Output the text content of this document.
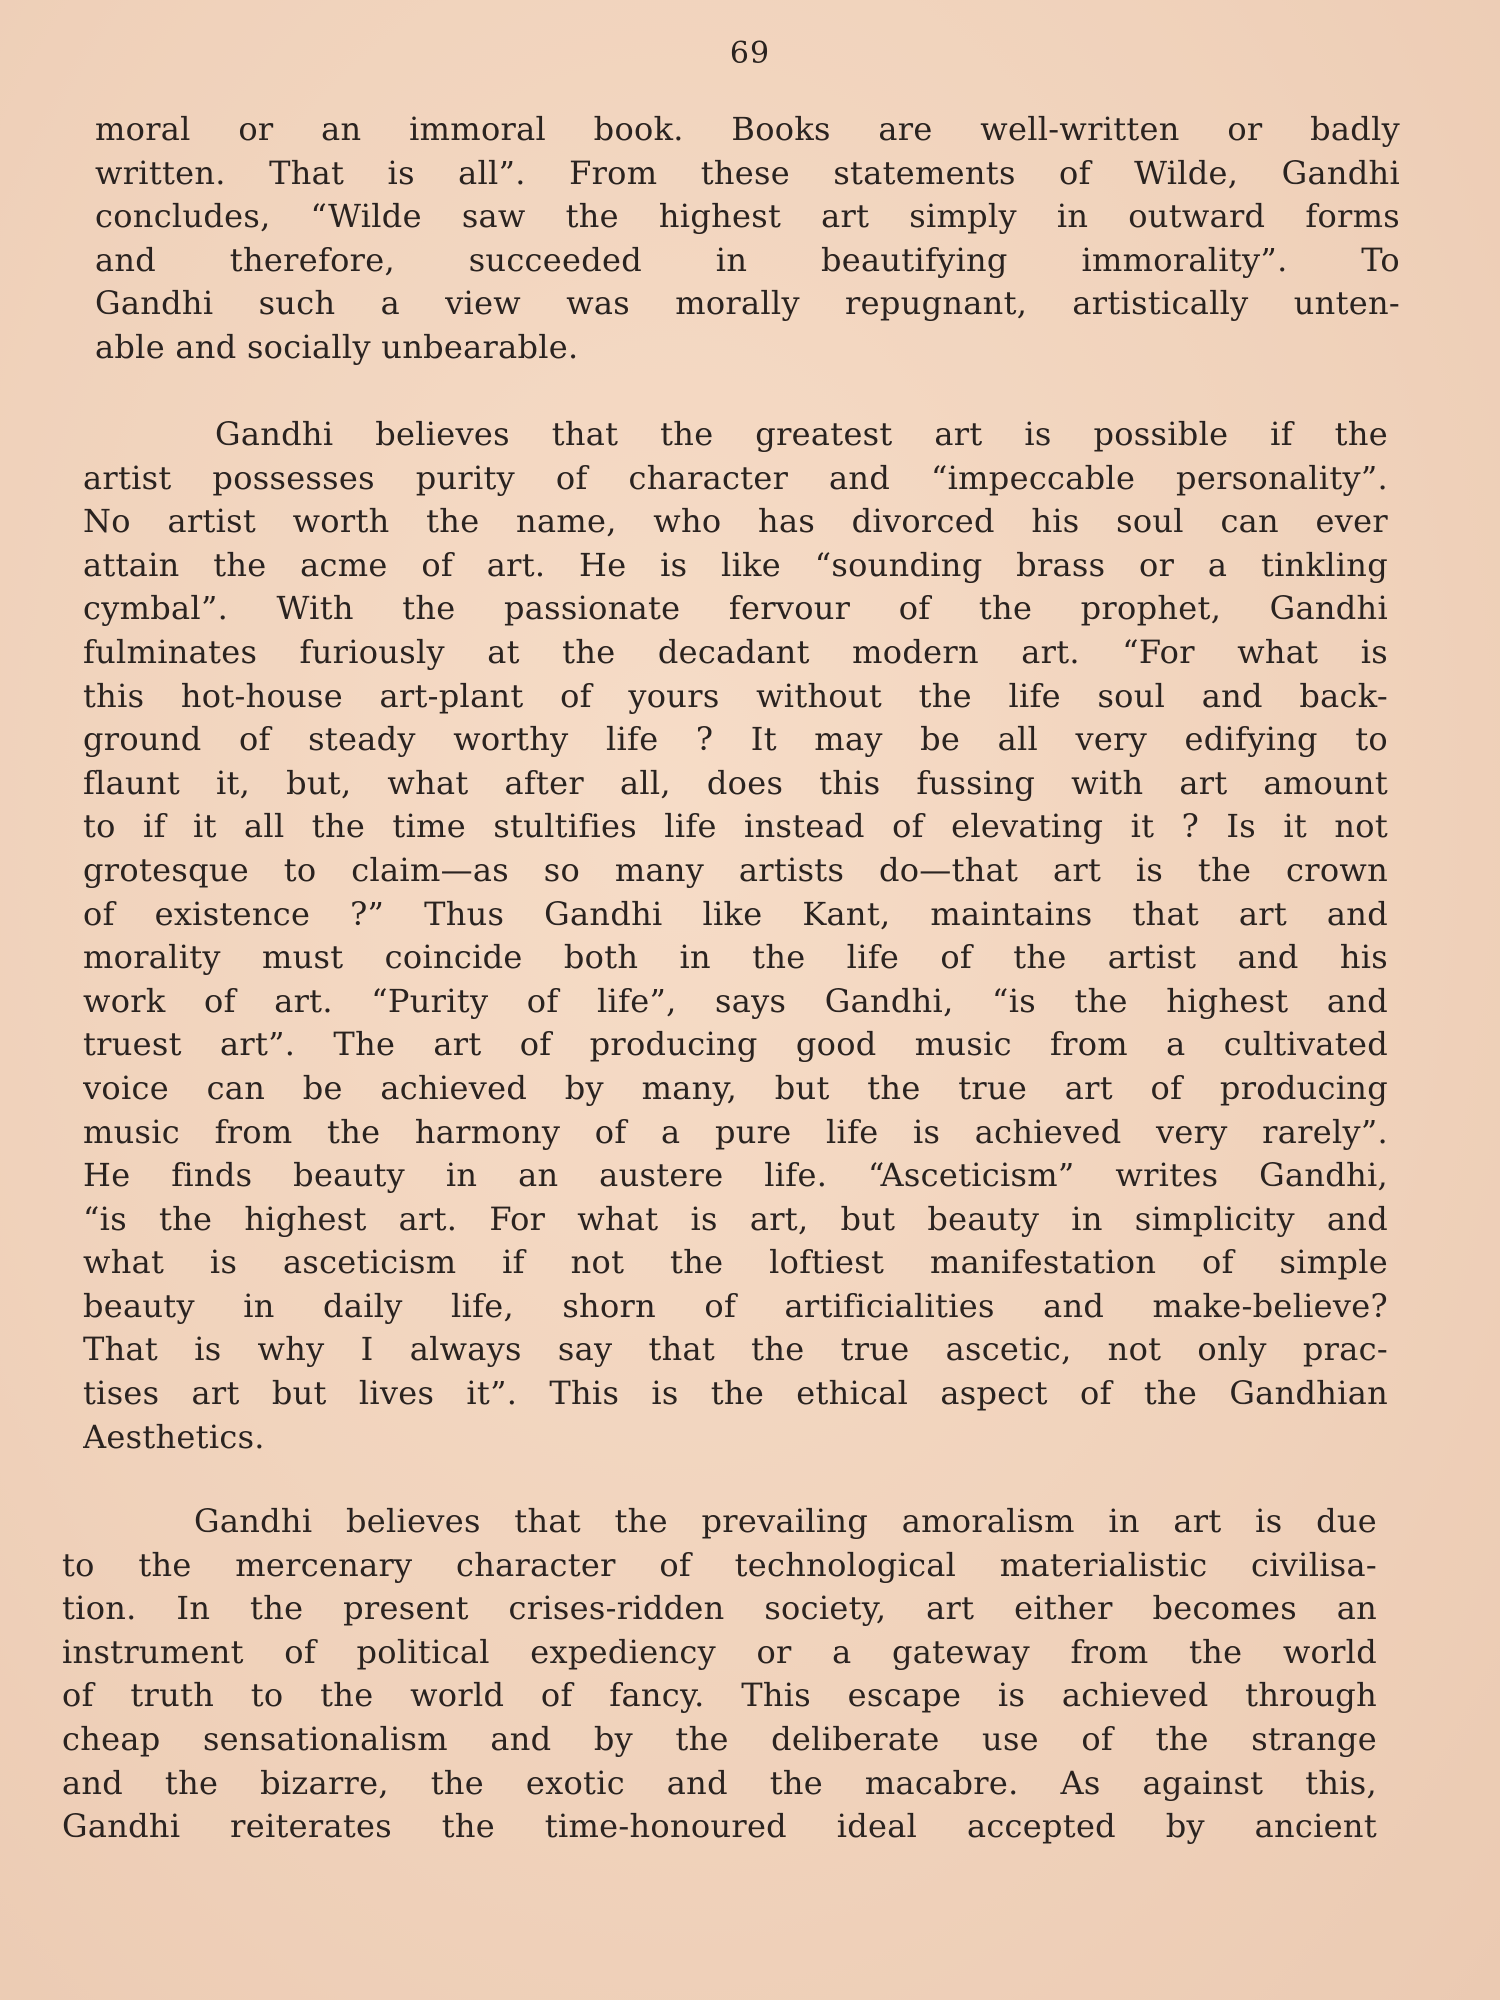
69
moral or an immoral book. Books are well-written or badly
written. That is all”. From these statements of Wilde, Gandhi
concludes, “Wilde saw the highest art simply in outward forms
and therefore, succeeded in beautifying immorality”. To
Gandhi such a view was morally repugnant, artistically unten-
able and socially unbearable.
Gandhi believes that the greatest art is possible if the
artist possesses purity of character and “impeccable personality”.
No artist worth the name, who has divorced his soul can ever
attain the acme of art. He is like “sounding brass or a tinkling
cymbal”. With the passionate fervour of the prophet, Gandhi
fulminates furiously at the decadant modern art. “For what is
this hot-house art-plant of yours without the life soul and back-
ground of steady worthy life ? It may be all very edifying to
flaunt it, but, what after all, does this fussing with art amount
to if it all the time stultifies life instead of elevating it ? Is it not
grotesque to claim—as so many artists do—that art is the crown
of existence ?” Thus Gandhi like Kant, maintains that art and
morality must coincide both in the life of the artist and his
work of art. “Purity of life”, says Gandhi, “is the highest and
truest art”. The art of producing good music from a cultivated
voice can be achieved by many, but the true art of producing
music from the harmony of a pure life is achieved very rarely”.
He finds beauty in an austere life. “Asceticism” writes Gandhi,
“is the highest art. For what is art, but beauty in simplicity and
what is asceticism if not the loftiest manifestation of simple
beauty in daily life, shorn of artificialities and make-believe?
That is why I always say that the true ascetic, not only prac-
tises art but lives it”. This is the ethical aspect of the Gandhian
Aesthetics.
Gandhi believes that the prevailing amoralism in art is due
to the mercenary character of technological materialistic civilisa-
tion. In the present crises-ridden society, art either becomes an
instrument of political expediency or a gateway from the world
of truth to the world of fancy. This escape is achieved through
cheap sensationalism and by the deliberate use of the strange
and the bizarre, the exotic and the macabre. As against this,
Gandhi reiterates the time-honoured ideal accepted by ancient
